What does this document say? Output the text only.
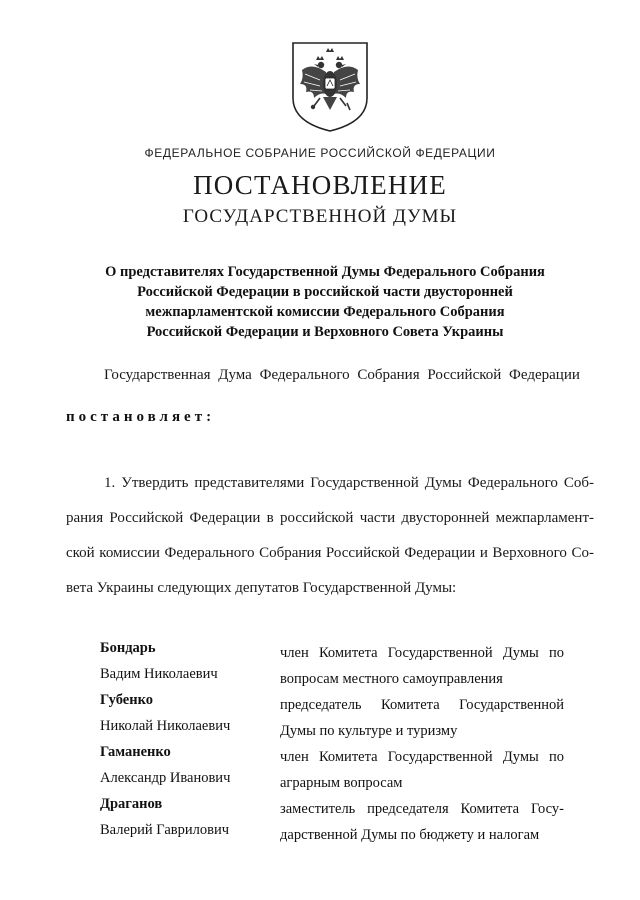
ФЕДЕРАЛЬНОЕ СОБРАНИЕ РОССИЙСКОЙ ФЕДЕРАЦИИ
ПОСТАНОВЛЕНИЕ
ГОСУДАРСТВЕННОЙ ДУМЫ
О представителях Государственной Думы Федерального Собрания
Российской Федерации в российской части двусторонней
межпарламентской комиссии Федерального Собрания
Российской Федерации и Верховного Совета Украины
Государственная Дума Федерального Собрания Российской Федерации
постановляет:
1. Утвердить представителями Государственной Думы Федерального Соб-
рания Российской Федерации в российской части двусторонней межпарламент-
ской комиссии Федерального Собрания Российской Федерации и Верховного Со-
вета Украины следующих депутатов Государственной Думы:
Бондарь
Вадим Николаевич
член Комитета Государственной Думы по
вопросам местного самоуправления
Губенко
Николай Николаевич
председатель Комитета Государственной
Думы по культуре и туризму
Гаманенко
Александр Иванович
член Комитета Государственной Думы по
аграрным вопросам
Драганов
Валерий Гаврилович
заместитель председателя Комитета Госу-
дарственной Думы по бюджету и налогам
